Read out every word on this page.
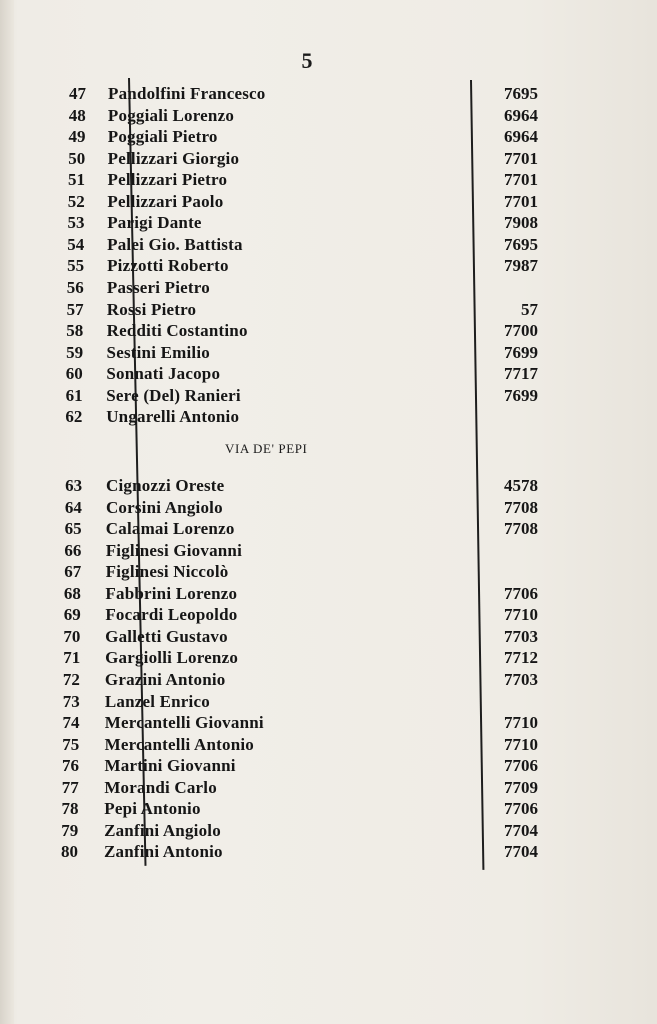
5
VIA DE' PEPI
47 Pandolfini Francesco	7695
48 Poggiali Lorenzo	6964
49 Poggiali Pietro	6964
50 Pellizzari Giorgio	7701
51 Pellizzari Pietro	7701
52 Pellizzari Paolo	7701
53 Parigi Dante	7908
54 Palei Gio. Battista	7695
55 Pizzotti Roberto	7987
56 Passeri Pietro
57 Rossi Pietro	57
58 Redditi Costantino	7700
59 Sestini Emilio	7699
60 Sonnati Jacopo	7717
61 Sere (Del) Ranieri	7699
62 Ungarelli Antonio
63 Cignozzi Oreste	4578
64 Corsini Angiolo	7708
65 Calamai Lorenzo	7708
66 Figlinesi Giovanni
67 Figlinesi Niccolò
68 Fabbrini Lorenzo	7706
69 Focardi Leopoldo	7710
70 Galletti Gustavo	7703
71 Gargiolli Lorenzo	7712
72 Grazini Antonio	7703
73 Lanzel Enrico
74 Mercantelli Giovanni	7710
75 Mercantelli Antonio	7710
76 Martini Giovanni	7706
77 Morandi Carlo	7709
78 Pepi Antonio	7706
79 Zanfini Angiolo	7704
80 Zanfini Antonio	7704
